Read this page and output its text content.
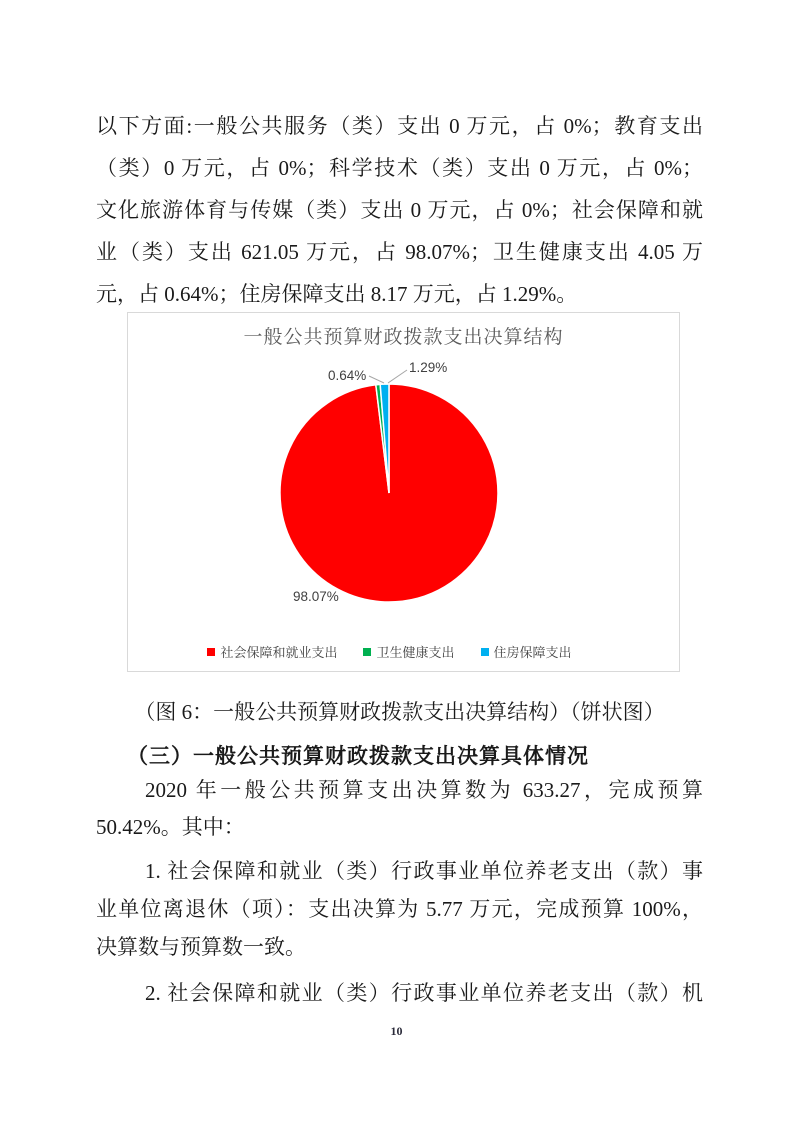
以下方面:一般公共服务（类）支出 0 万元，占 0%；教育支出
（类）0 万元，占 0%；科学技术（类）支出 0 万元，占 0%；
文化旅游体育与传媒（类）支出 0 万元，占 0%；社会保障和就
业（类）支出 621.05 万元，占 98.07%；卫生健康支出 4.05 万
元，占 0.64%；住房保障支出 8.17 万元，占 1.29%。
一般公共预算财政拨款支出决算结构
98.07%
0.64%
1.29%
社会保障和就业支出	卫生健康支出	住房保障支出
（图 6：一般公共预算财政拨款支出决算结构）（饼状图）
（三）一般公共预算财政拨款支出决算具体情况
2020 年一般公共预算支出决算数为 633.27，完成预算
50.42%。其中：
1. 社会保障和就业（类）行政事业单位养老支出（款）事
业单位离退休（项）：支出决算为 5.77 万元，完成预算 100%，
决算数与预算数一致。
2. 社会保障和就业（类）行政事业单位养老支出（款）机
10
